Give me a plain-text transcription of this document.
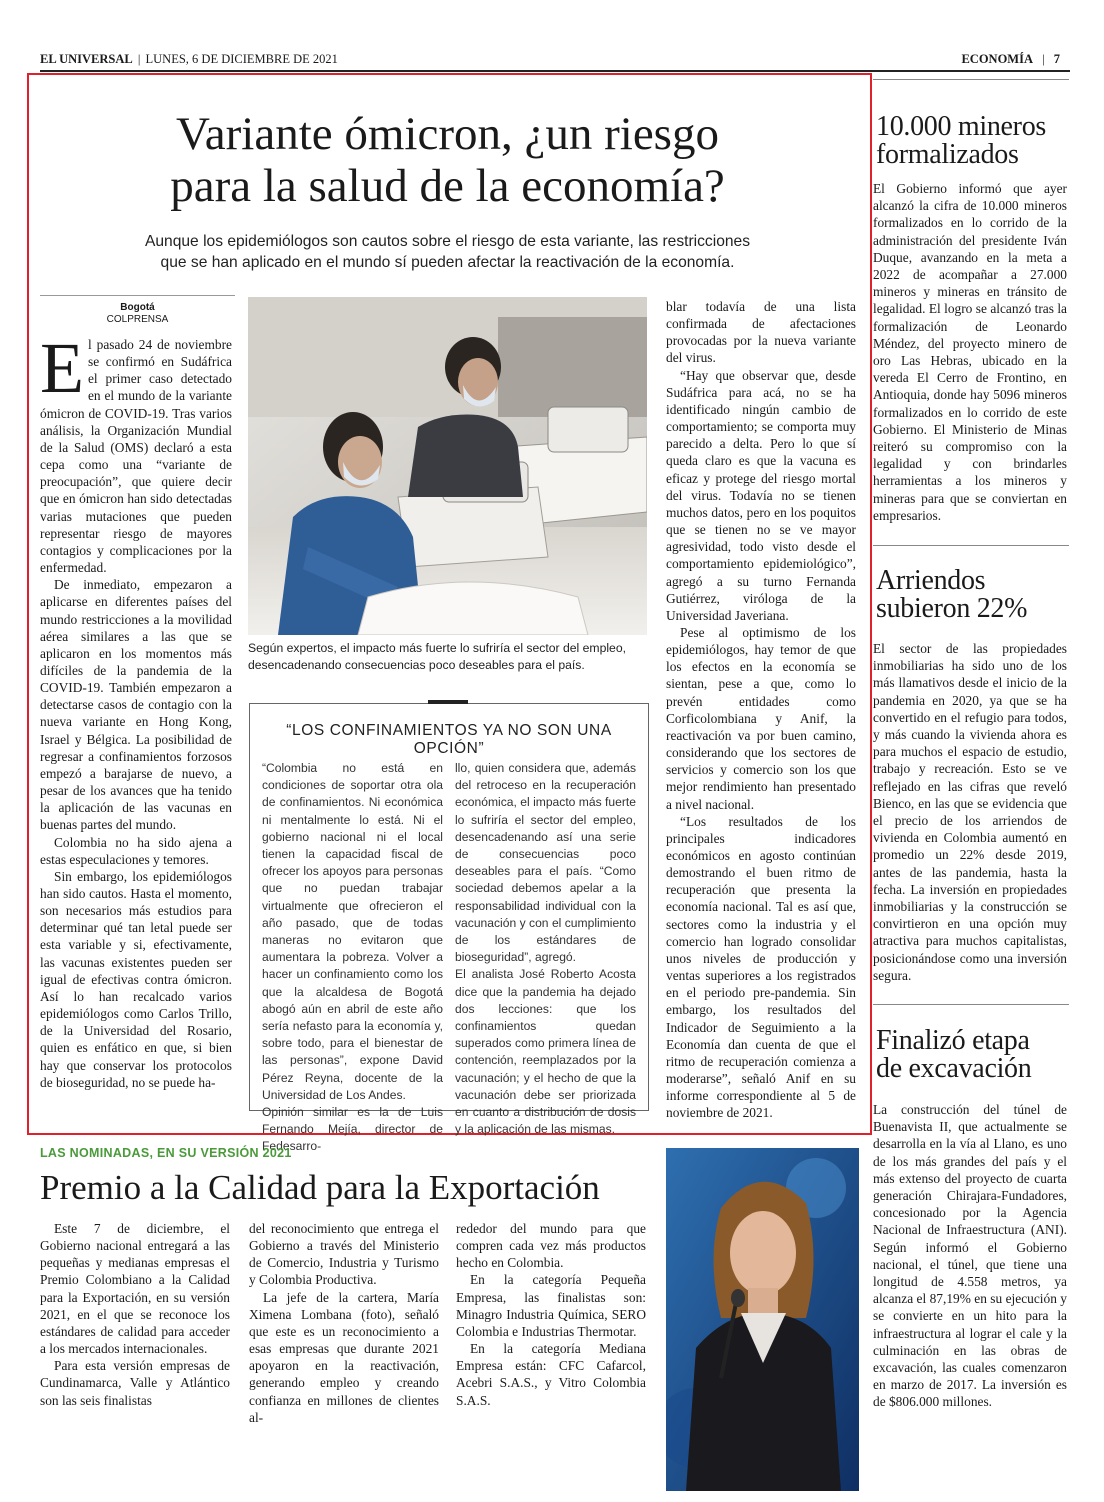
EL UNIVERSAL | LUNES, 6 DE DICIEMBRE DE 2021	ECONOMÍA | 7
Variante ómicron, ¿un riesgo
para la salud de la economía?
Aunque los epidemiólogos son cautos sobre el riesgo de esta variante, las restricciones
que se han aplicado en el mundo sí pueden afectar la reactivación de la economía.
Bogotá
COLPRENSA

El pasado 24 de noviembre se confirmó en Sudáfrica el primer caso detectado en el mundo de la variante ómicron de COVID-19. Tras varios análisis, la Organización Mundial de la Salud (OMS) declaró a esta cepa como una “variante de preocupación”, que quiere decir que en ómicron han sido detectadas varias mutaciones que pueden representar riesgo de mayores contagios y complicaciones por la enfermedad.

De inmediato, empezaron a aplicarse en diferentes países del mundo restricciones a la movilidad aérea similares a las que se aplicaron en los momentos más difíciles de la pandemia de la COVID-19. También empezaron a detectarse casos de contagio con la nueva variante en Hong Kong, Israel y Bélgica. La posibilidad de regresar a confinamientos forzosos empezó a barajarse de nuevo, a pesar de los avances que ha tenido la aplicación de las vacunas en buenas partes del mundo.

Colombia no ha sido ajena a estas especulaciones y temores.

Sin embargo, los epidemiólogos han sido cautos. Hasta el momento, son necesarios más estudios para determinar qué tan letal puede ser esta variable y si, efectivamente, las vacunas existentes pueden ser igual de efectivas contra ómicron. Así lo han recalcado varios epidemiólogos como Carlos Trillo, de la Universidad del Rosario, quien es enfático en que, si bien hay que conservar los protocolos de bioseguridad, no se puede ha-

Según expertos, el impacto más fuerte lo sufriría el sector del empleo,
desencadenando consecuencias poco deseables para el país.

blar todavía de una lista confirmada de afectaciones provocadas por la nueva variante del virus.

“Hay que observar que, desde Sudáfrica para acá, no se ha identificado ningún cambio de comportamiento; se comporta muy parecido a delta. Pero lo que sí queda claro es que la vacuna es eficaz y protege del riesgo mortal del virus. Todavía no se tienen muchos datos, pero en los poquitos que se tienen no se ve mayor agresividad, todo visto desde el comportamiento epidemiológico”, agregó a su turno Fernanda Gutiérrez, viróloga de la Universidad Javeriana.

Pese al optimismo de los epidemiólogos, hay temor de que los efectos en la economía se sientan, pese a que, como lo prevén entidades como Corficolombiana y Anif, la reactivación va por buen camino, considerando que los sectores de servicios y comercio son los que mejor rendimiento han presentado a nivel nacional.

“Los resultados de los principales indicadores económicos en agosto continúan demostrando el buen ritmo de recuperación que presenta la economía nacional. Tal es así que, sectores como la industria y el comercio han logrado consolidar unos niveles de producción y ventas superiores a los registrados en el periodo pre-pandemia. Sin embargo, los resultados del Indicador de Seguimiento a la Economía dan cuenta de que el ritmo de recuperación comienza a moderarse”, señaló Anif en su informe correspondiente al 5 de noviembre de 2021.

“LOS CONFINAMIENTOS YA NO SON UNA OPCIÓN”

“Colombia no está en condiciones de soportar otra ola de confinamientos. Ni económica ni mentalmente lo está. Ni el gobierno nacional ni el local tienen la capacidad fiscal de ofrecer los apoyos para personas que no puedan trabajar virtualmente que ofrecieron el año pasado, que de todas maneras no evitaron que aumentara la pobreza. Volver a hacer un confinamiento como los que la alcaldesa de Bogotá abogó aún en abril de este año sería nefasto para la economía y, sobre todo, para el bienestar de las personas”, expone David Pérez Reyna, docente de la Universidad de Los Andes.

Opinión similar es la de Luis Fernando Mejía, director de Fedesarro-

llo, quien considera que, además del retroceso en la recuperación económica, el impacto más fuerte lo sufriría el sector del empleo, desencadenando así una serie de consecuencias poco deseables para el país. “Como sociedad debemos apelar a la responsabilidad individual con la vacunación y con el cumplimiento de los estándares de bioseguridad”, agregó.

El analista José Roberto Acosta dice que la pandemia ha dejado dos lecciones: que los confinamientos quedan superados como primera línea de contención, reemplazados por la vacunación; y el hecho de que la vacunación debe ser priorizada en cuanto a distribución de dosis y la aplicación de las mismas.

10.000 mineros
formalizados
El Gobierno informó que ayer alcanzó la cifra de 10.000 mineros formalizados en lo corrido de la administración del presidente Iván Duque, avanzando en la meta a 2022 de acompañar a 27.000 mineros y mineras en tránsito de legalidad. El logro se alcanzó tras la formalización de Leonardo Méndez, del proyecto minero de oro Las Hebras, ubicado en la vereda El Cerro de Frontino, en Antioquia, donde hay 5096 mineros formalizados en lo corrido de este Gobierno. El Ministerio de Minas reiteró su compromiso con la legalidad y con brindarles herramientas a los mineros y mineras para que se conviertan en empresarios.
Arriendos
subieron 22%
El sector de las propiedades inmobiliarias ha sido uno de los más llamativos desde el inicio de la pandemia en 2020, ya que se ha convertido en el refugio para todos, y más cuando la vivienda ahora es para muchos el espacio de estudio, trabajo y recreación. Esto se ve reflejado en las cifras que reveló Bienco, en las que se evidencia que el precio de los arriendos de vivienda en Colombia aumentó en promedio un 22% desde 2019, antes de las pandemia, hasta la fecha. La inversión en propiedades inmobiliarias y la construcción se convirtieron en una opción muy atractiva para muchos capitalistas, posicionándose como una inversión segura.
Finalizó etapa
de excavación
La construcción del túnel de Buenavista II, que actualmente se desarrolla en la vía al Llano, es uno de los más grandes del país y el más extenso del proyecto de cuarta generación Chirajara-Fundadores, concesionado por la Agencia Nacional de Infraestructura (ANI). Según informó el Gobierno nacional, el túnel, que tiene una longitud de 4.558 metros, ya alcanza el 87,19% en su ejecución y se convierte en un hito para la infraestructura al lograr el cale y la culminación en las obras de excavación, las cuales comenzaron en marzo de 2017. La inversión es de $806.000 millones.
LAS NOMINADAS, EN SU VERSIÓN 2021
Premio a la Calidad para la Exportación

Este 7 de diciembre, el Gobierno nacional entregará a las pequeñas y medianas empresas el Premio Colombiano a la Calidad para la Exportación, en su versión 2021, en el que se reconoce los estándares de calidad para acceder a los mercados internacionales.

Para esta versión empresas de Cundinamarca, Valle y Atlántico son las seis finalistas

del reconocimiento que entrega el Gobierno a través del Ministerio de Comercio, Industria y Turismo y Colombia Productiva.

La jefe de la cartera, María Ximena Lombana (foto), señaló que este es un reconocimiento a esas empresas que durante 2021 apoyaron en la reactivación, generando empleo y creando confianza en millones de clientes al-

rededor del mundo para que compren cada vez más productos hecho en Colombia.

En la categoría Pequeña Empresa, las finalistas son: Minagro Industria Química, SERO Colombia e Industrias Thermotar.

En la categoría Mediana Empresa están: CFC Cafarcol, Acebri S.A.S., y Vitro Colombia S.A.S.
